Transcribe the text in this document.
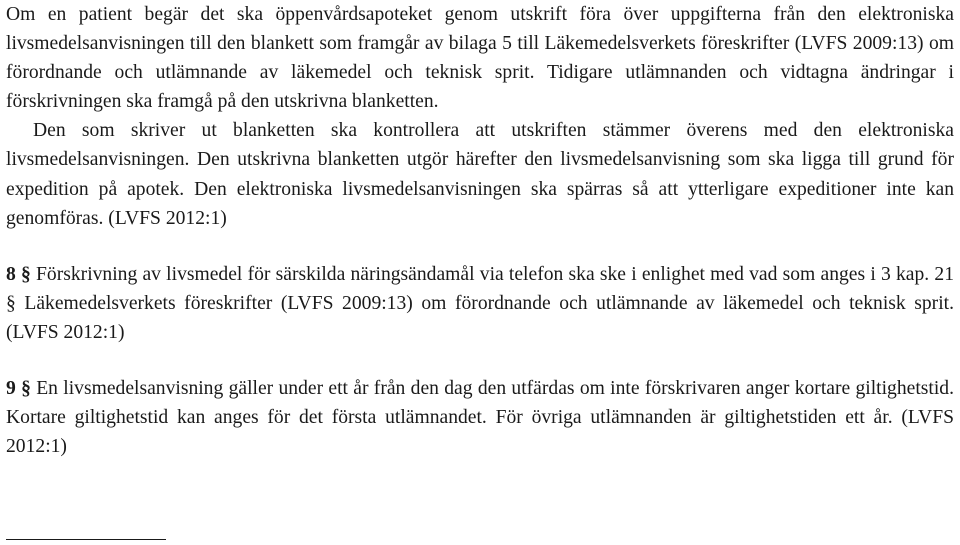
Om en patient begär det ska öppenvårdsapoteket genom utskrift föra över uppgifterna från den elektroniska livsmedelsanvisningen till den blankett som framgår av bilaga 5 till Läkemedelsverkets föreskrifter (LVFS 2009:13) om förordnande och utlämnande av läkemedel och teknisk sprit. Tidigare utlämnanden och vidtagna ändringar i förskrivningen ska framgå på den utskrivna blanketten.

Den som skriver ut blanketten ska kontrollera att utskriften stämmer överens med den elektroniska livsmedelsanvisningen. Den utskrivna blanketten utgör härefter den livsmedelsanvisning som ska ligga till grund för expedition på apotek. Den elektroniska livsmedelsanvisningen ska spärras så att ytterligare expeditioner inte kan genomföras. (LVFS 2012:1)

8 § Förskrivning av livsmedel för särskilda näringsändamål via telefon ska ske i enlighet med vad som anges i 3 kap. 21 § Läkemedelsverkets föreskrifter (LVFS 2009:13) om förordnande och utlämnande av läkemedel och teknisk sprit. (LVFS 2012:1)

9 § En livsmedelsanvisning gäller under ett år från den dag den utfärdas om inte förskrivaren anger kortare giltighetstid. Kortare giltighetstid kan anges för det första utlämnandet. För övriga utlämnanden är giltighetstiden ett år. (LVFS 2012:1)
